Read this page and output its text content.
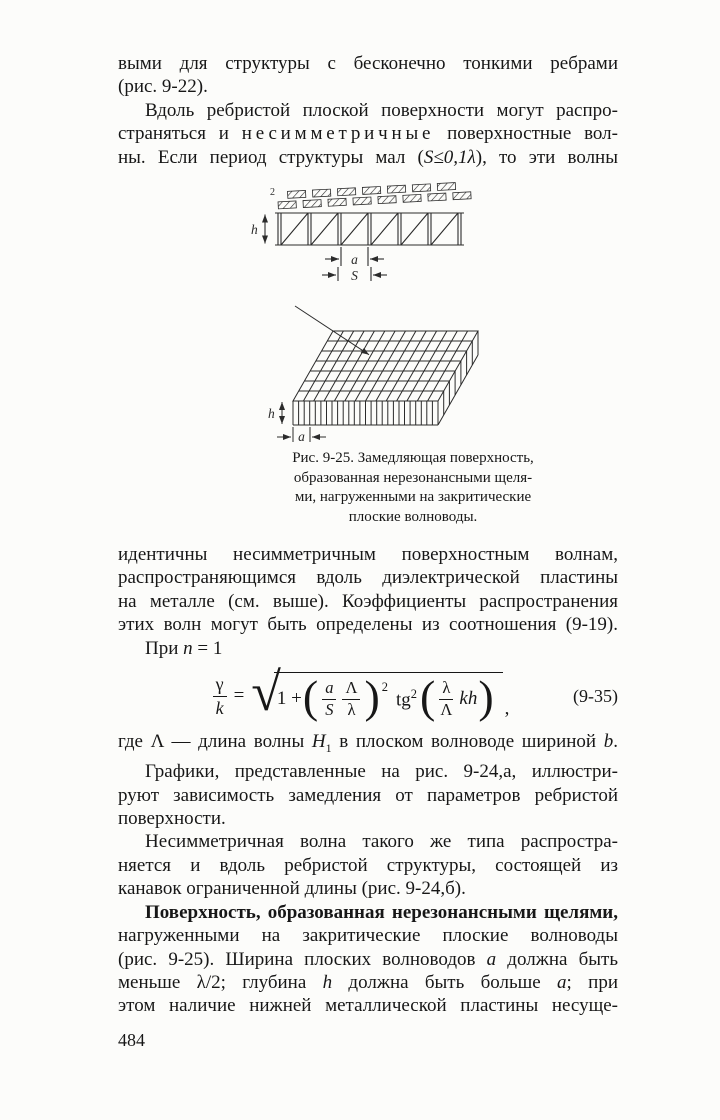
выми для структуры с бесконечно тонкими ребрами
(рис. 9-22).
Вдоль ребристой плоской поверхности могут распро-
страняться и несимметричные поверхностные вол-
ны. Если период структуры мал (S≤0,1λ), то эти волны
2
h
a
S
h
a
Рис. 9-25. Замедляющая поверхность,
образованная нерезонансными щеля-
ми, нагруженными на закритические
плоские волноводы.
идентичны несимметричным поверхностным волнам,
распространяющимся вдоль диэлектрической пластины
на металле (см. выше). Коэффициенты распространения
этих волн могут быть определены из соотношения (9-19).
При n = 1
$\frac{\gamma}{k}$ = √
1 + ( $\frac{a}{S} \frac{\Lambda}{\lambda}$ ) 2
$tg^2$ ( $\frac{\lambda}{\Lambda}$ kh ) ,
(9-35)
где Λ — длина волны $H_1$ в плоском волноводе шириной b.
Графики, представленные на рис. 9-24,а, иллюстри-
руют зависимость замедления от параметров ребристой
поверхности.
Несимметричная волна такого же типа распростра-
няется и вдоль ребристой структуры, состоящей из
канавок ограниченной длины (рис. 9-24,б).
Поверхность, образованная нерезонансными щелями,
нагруженными на закритические плоские волноводы
(рис. 9-25). Ширина плоских волноводов a должна быть
меньше λ/2; глубина h должна быть больше a; при
этом наличие нижней металлической пластины несуще-
484
